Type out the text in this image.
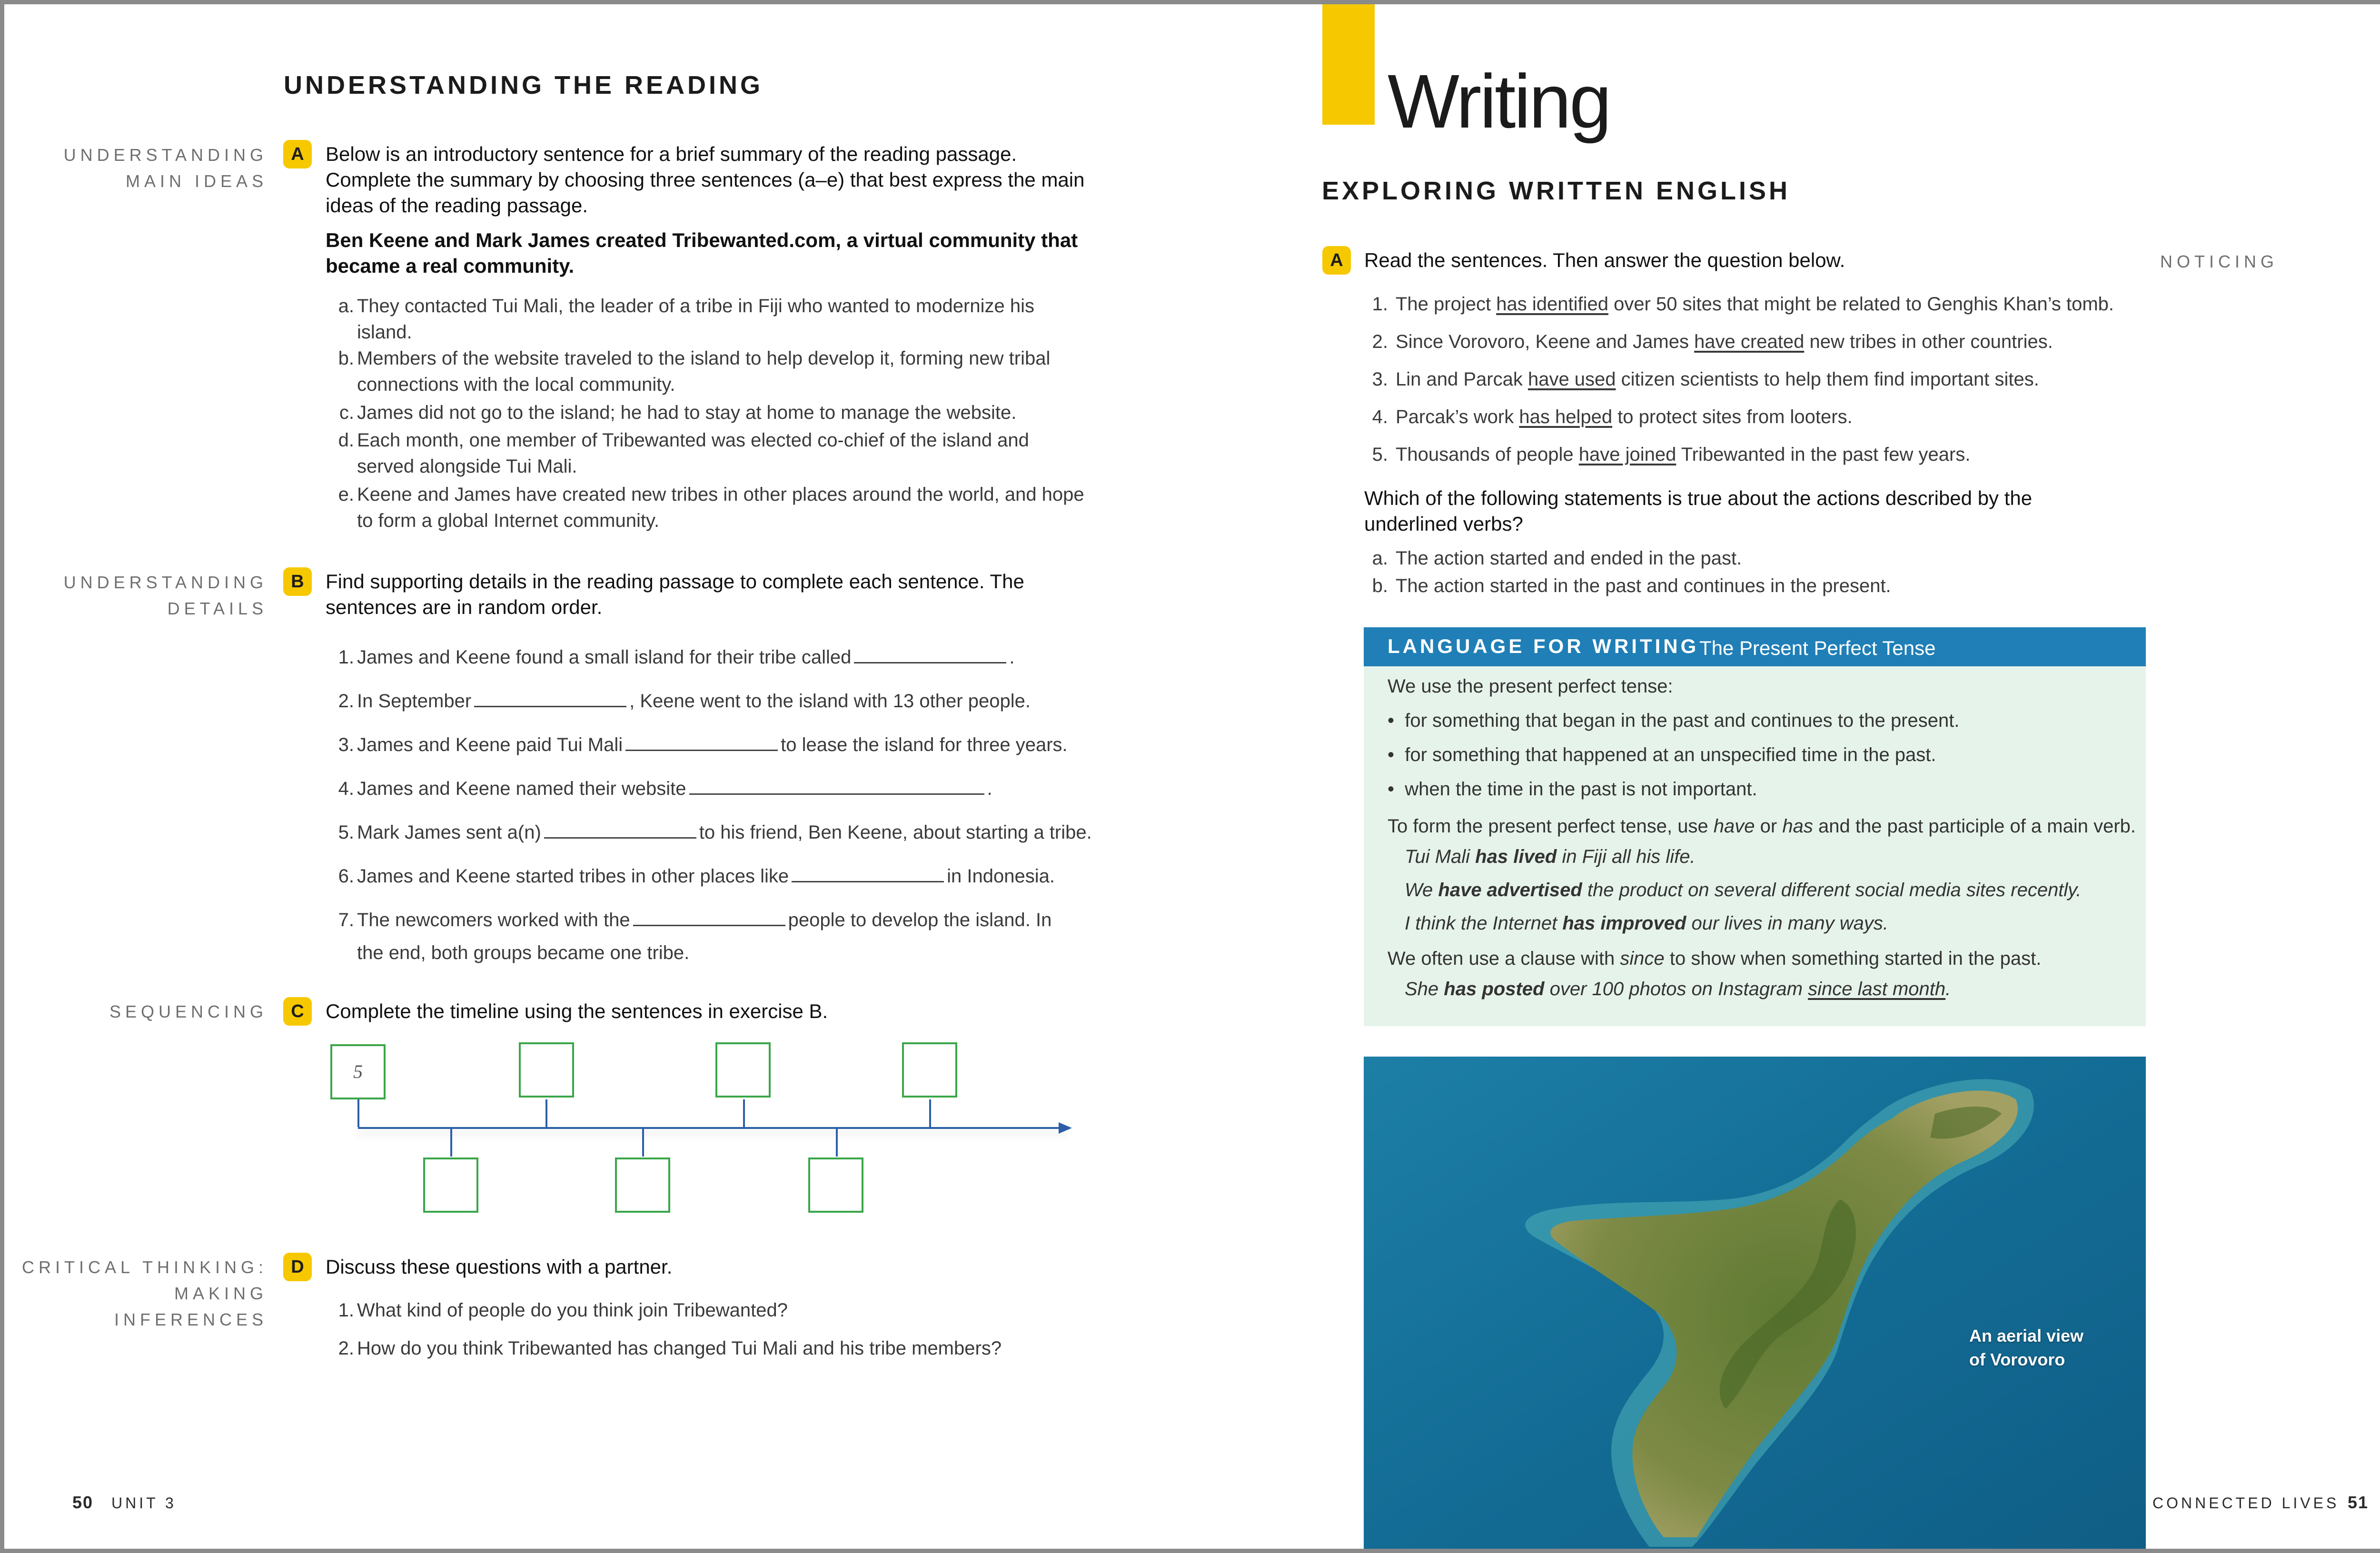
UNDERSTANDING THE READING
UNDERSTANDING
MAIN IDEAS
A	Below is an introductory sentence for a brief summary of the reading passage.
Complete the summary by choosing three sentences (a–e) that best express the main
ideas of the reading passage.
Ben Keene and Mark James created Tribewanted.com, a virtual community that
became a real community.
a. They contacted Tui Mali, the leader of a tribe in Fiji who wanted to modernize his
island.
b. Members of the website traveled to the island to help develop it, forming new tribal
connections with the local community.
c. James did not go to the island; he had to stay at home to manage the website.
d. Each month, one member of Tribewanted was elected co-chief of the island and
served alongside Tui Mali.
e. Keene and James have created new tribes in other places around the world, and hope
to form a global Internet community.
UNDERSTANDING
DETAILS
B	Find supporting details in the reading passage to complete each sentence. The
sentences are in random order.
1. James and Keene found a small island for their tribe called	.
2. In September	, Keene went to the island with 13 other people.
3. James and Keene paid Tui Mali	to lease the island for three years.
4. James and Keene named their website	.
5. Mark James sent a(n)	to his friend, Ben Keene, about starting a tribe.
6. James and Keene started tribes in other places like	in Indonesia.
7. The newcomers worked with the	people to develop the island. In
the end, both groups became one tribe.
SEQUENCING	C	Complete the timeline using the sentences in exercise B.
5
CRITICAL THINKING:
MAKING
INFERENCES
D	Discuss these questions with a partner.
1. What kind of people do you think join Tribewanted?
2. How do you think Tribewanted has changed Tui Mali and his tribe members?
50 UNIT 3
Writing
EXPLORING WRITTEN ENGLISH
A	Read the sentences. Then answer the question below.	NOTICING
1. The project has identified over 50 sites that might be related to Genghis Khan’s tomb.
2. Since Vorovoro, Keene and James have created new tribes in other countries.
3. Lin and Parcak have used citizen scientists to help them find important sites.
4. Parcak’s work has helped to protect sites from looters.
5. Thousands of people have joined Tribewanted in the past few years.
Which of the following statements is true about the actions described by the
underlined verbs?
a. The action started and ended in the past.
b. The action started in the past and continues in the present.
LANGUAGE FOR WRITING The Present Perfect Tense
We use the present perfect tense:
•  for something that began in the past and continues to the present.
•  for something that happened at an unspecified time in the past.
•  when the time in the past is not important.
To form the present perfect tense, use have or has and the past participle of a main verb.
Tui Mali has lived in Fiji all his life.
We have advertised the product on several different social media sites recently.
I think the Internet has improved our lives in many ways.
We often use a clause with since to show when something started in the past.
She has posted over 100 photos on Instagram since last month.
An aerial view
of Vorovoro
CONNECTED LIVES 51
